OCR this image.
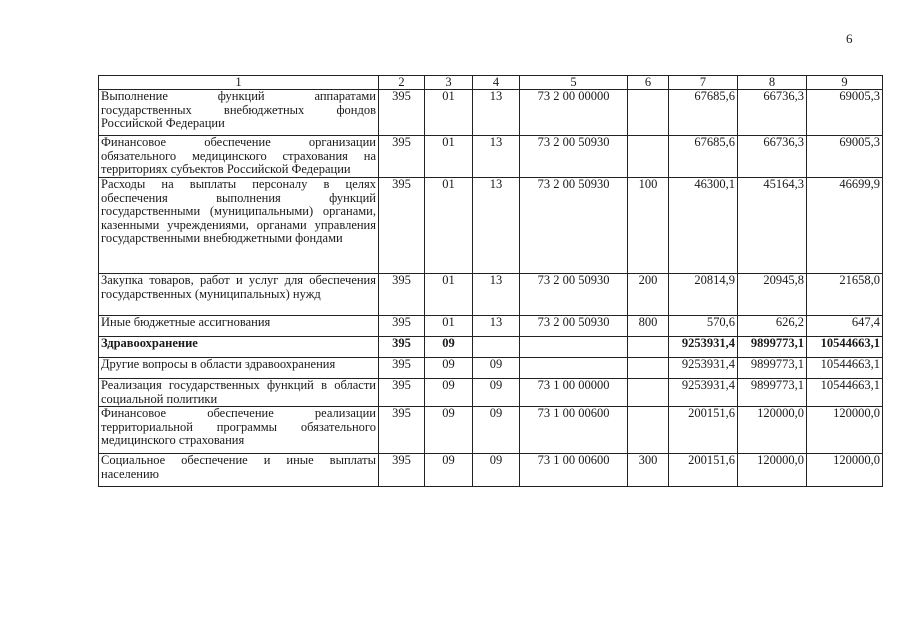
6
1	2	3	4	5	6	7	8	9
Выполнение функций аппаратами государственных внебюджетных фондов Российской Федерации	395	01	13	73 2 00 00000		67685,6	66736,3	69005,3
Финансовое обеспечение организации обязательного медицинского страхования на территориях субъектов Российской Федерации	395	01	13	73 2 00 50930		67685,6	66736,3	69005,3
Расходы на выплаты персоналу в целях обеспечения выполнения функций государственными (муниципальными) органами, казенными учреждениями, органами управления государственными внебюджетными фондами	395	01	13	73 2 00 50930	100	46300,1	45164,3	46699,9
Закупка товаров, работ и услуг для обеспечения государственных (муниципальных) нужд	395	01	13	73 2 00 50930	200	20814,9	20945,8	21658,0
Иные бюджетные ассигнования	395	01	13	73 2 00 50930	800	570,6	626,2	647,4
Здравоохранение	395	09				9253931,4	9899773,1	10544663,1
Другие вопросы в области здравоохранения	395	09	09			9253931,4	9899773,1	10544663,1
Реализация государственных функций в области социальной политики	395	09	09	73 1 00 00000		9253931,4	9899773,1	10544663,1
Финансовое обеспечение реализации территориальной программы обязательного медицинского страхования	395	09	09	73 1 00 00600		200151,6	120000,0	120000,0
Социальное обеспечение и иные выплаты населению	395	09	09	73 1 00 00600	300	200151,6	120000,0	120000,0
